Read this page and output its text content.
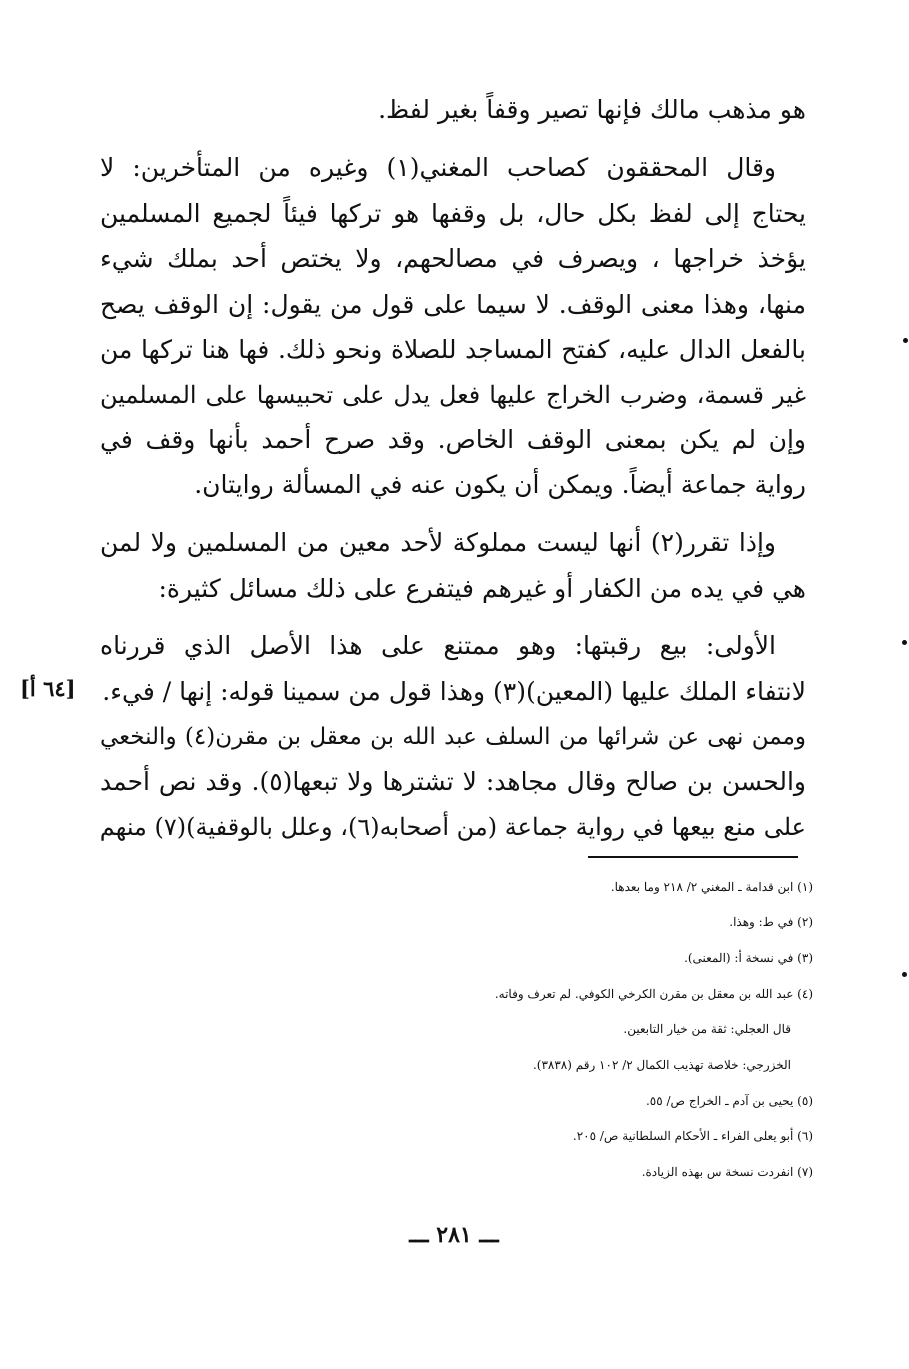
هو مذهب مالك فإنها تصير وقفاً بغير لفظ.
وقال المحققون كصاحب المغني(١) وغيره من المتأخرين: لا
يحتاج إلى لفظ بكل حال، بل وقفها هو تركها فيئاً لجميع المسلمين
يؤخذ خراجها ، ويصرف في مصالحهم، ولا يختص أحد بملك شيء
منها، وهذا معنى الوقف. لا سيما على قول من يقول: إن الوقف يصح
بالفعل الدال عليه، كفتح المساجد للصلاة ونحو ذلك. فها هنا تركها من
غير قسمة، وضرب الخراج عليها فعل يدل على تحبيسها على المسلمين
وإن لم يكن بمعنى الوقف الخاص. وقد صرح أحمد بأنها وقف في
رواية جماعة أيضاً. ويمكن أن يكون عنه في المسألة روايتان.
وإذا تقرر(٢) أنها ليست مملوكة لأحد معين من المسلمين ولا لمن
هي في يده من الكفار أو غيرهم فيتفرع على ذلك مسائل كثيرة:
الأولى: بيع رقبتها: وهو ممتنع على هذا الأصل الذي قررناه
لانتفاء الملك عليها (المعين)(٣) وهذا قول من سمينا قوله: إنها / فيء.
وممن نهى عن شرائها من السلف عبد الله بن معقل بن مقرن(٤) والنخعي
والحسن بن صالح وقال مجاهد: لا تشترها ولا تبعها(٥). وقد نص أحمد
على منع بيعها في رواية جماعة (من أصحابه(٦)، وعلل بالوقفية)(٧) منهم
[٦٤ أ]
(١) ابن قدامة ـ المغني ٢/ ٢١٨ وما بعدها.
(٢) في ط: وهذا.
(٣) في نسخة أ: (المعنى).
(٤) عبد الله بن معقل بن مقرن الكرخي الكوفي. لم تعرف وفاته.
قال العجلي: ثقة من خيار التابعين.
الخزرجي: خلاصة تهذيب الكمال ٢/ ١٠٢ رقم (٣٨٣٨).
(٥) يحيى بن آدم ـ الخراج ص/ ٥٥.
(٦) أبو يعلى الفراء ـ الأحكام السلطانية ص/ ٢٠٥.
(٧) انفردت نسخة س بهذه الزيادة.
ـــ ٢٨١ ـــ
